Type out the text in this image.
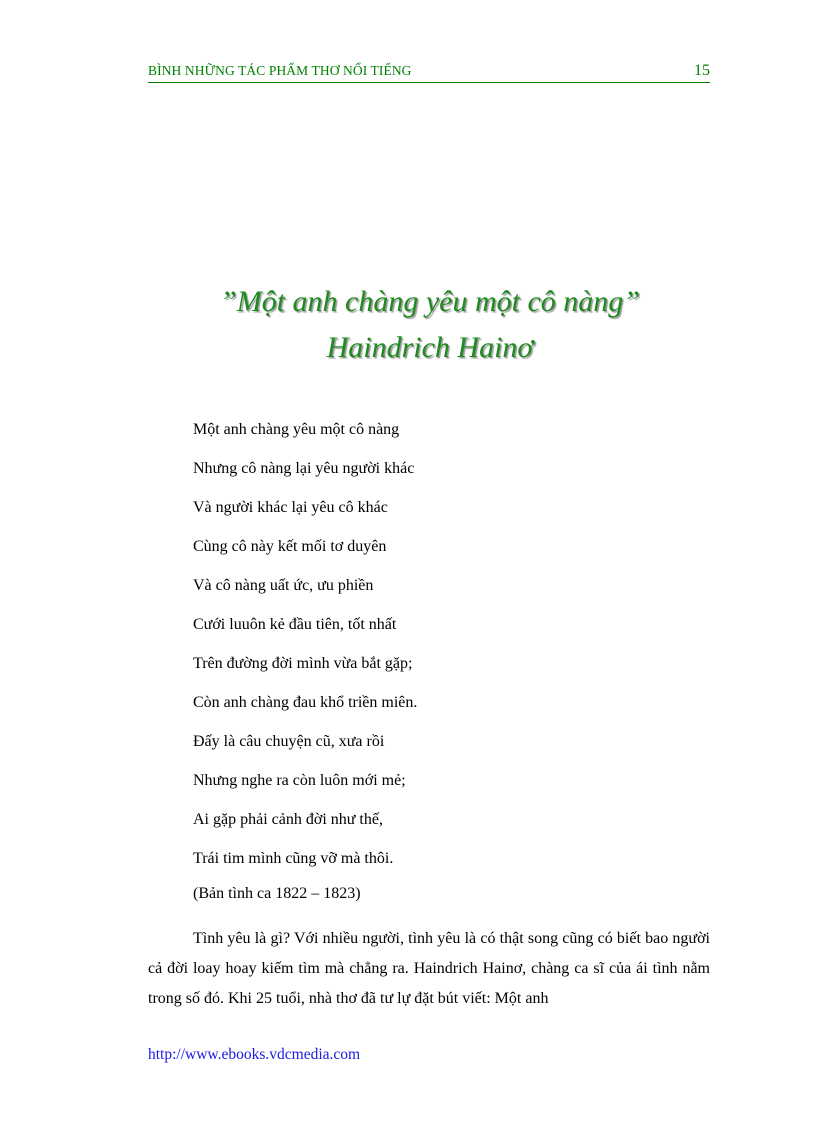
BÌNH NHỮNG TÁC PHẨM THƠ NỔI TIẾNG	15
”Một anh chàng yêu một cô nàng”
Haindrich Hainơ
Một anh chàng yêu một cô nàng
Nhưng cô nàng lại yêu người khác
Và người khác lại yêu cô khác
Cùng cô này kết mối tơ duyên
Và cô nàng uất ức, ưu phiền
Cưới luuôn kẻ đầu tiên, tốt nhất
Trên đường đời mình vừa bắt gặp;
Còn anh chàng đau khổ triền miên.
Đấy là câu chuyện cũ, xưa rồi
Nhưng nghe ra còn luôn mới mẻ;
Ai gặp phải cảnh đời như thế,
Trái tim mình cũng vỡ mà thôi.
(Bản tình ca 1822 – 1823)

Tình yêu là gì? Với nhiều người, tình yêu là có thật song cũng có biết bao người cả đời loay hoay kiếm tìm mà chẳng ra. Haindrich Hainơ, chàng ca sĩ của ái tình nằm trong số đó. Khi 25 tuổi, nhà thơ đã tư lự đặt bút viết: Một anh

http://www.ebooks.vdcmedia.com
